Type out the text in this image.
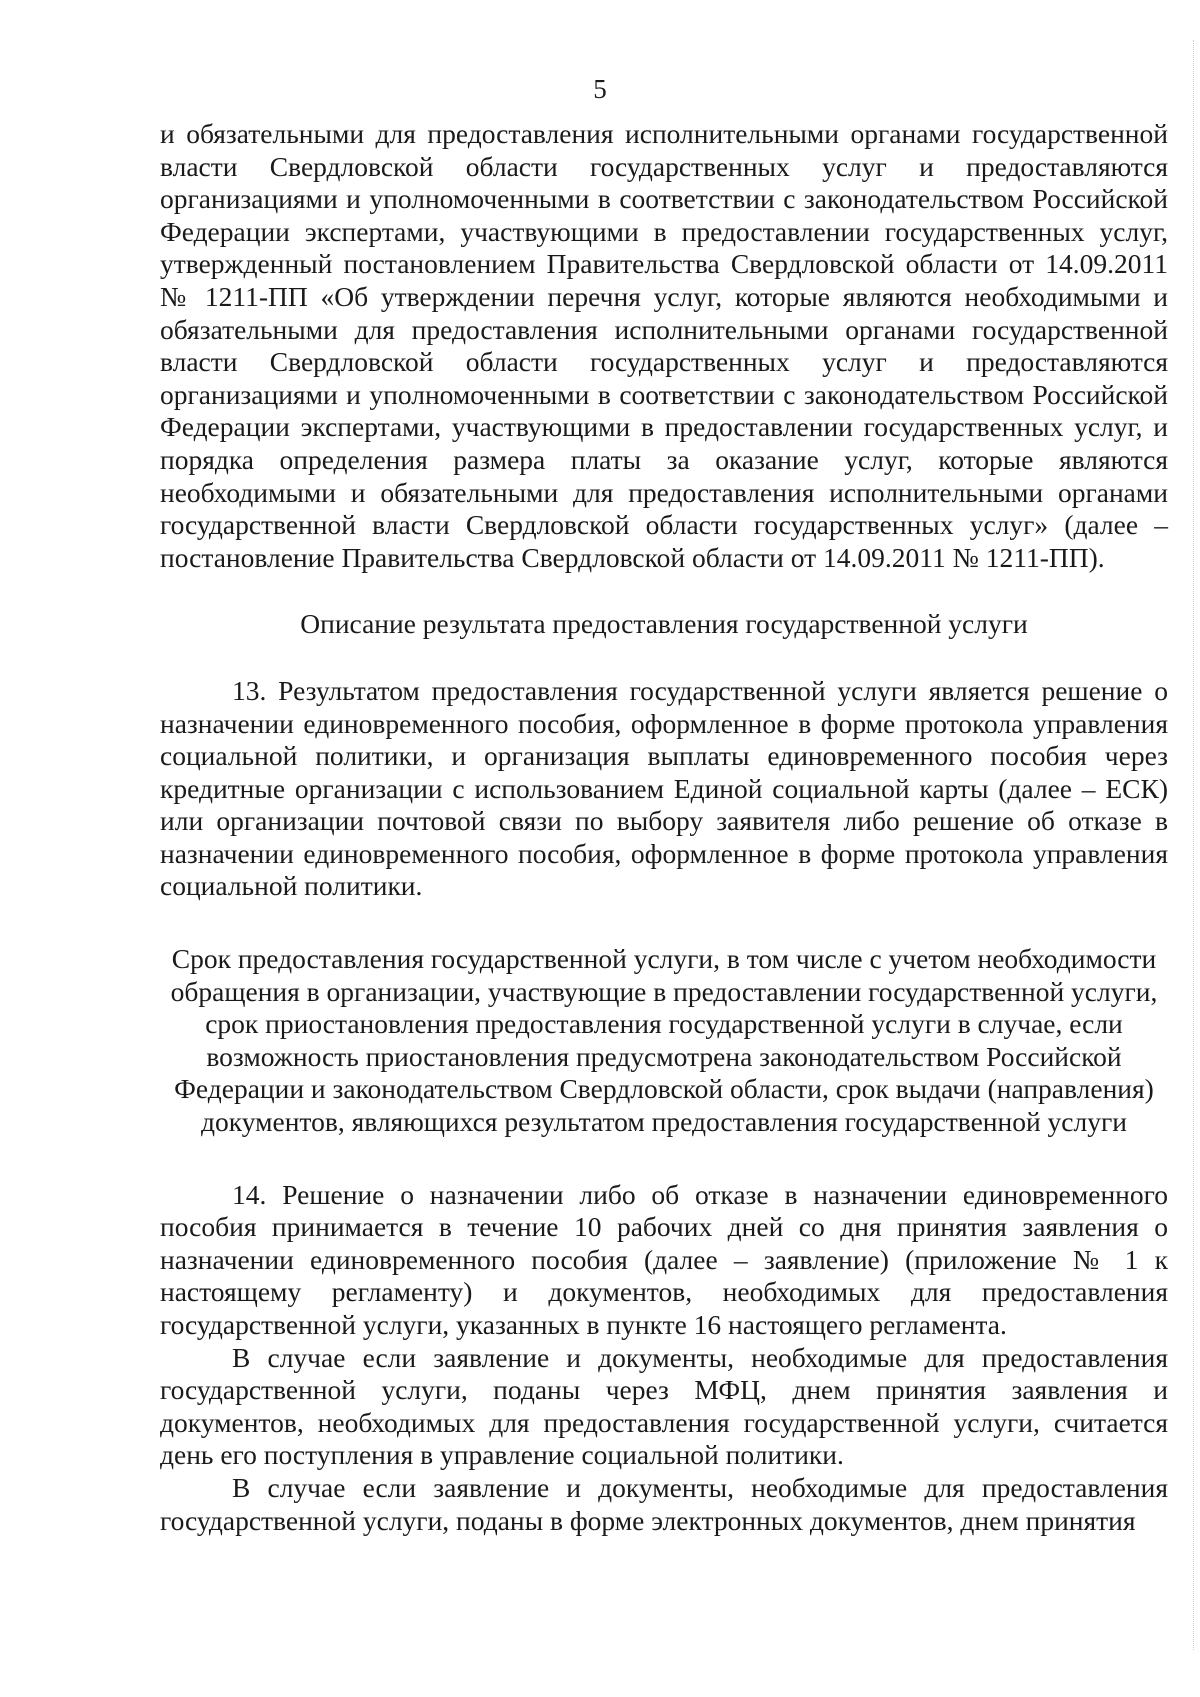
5

и обязательными для предоставления исполнительными органами государственной власти Свердловской области государственных услуг и предоставляются организациями и уполномоченными в соответствии с законодательством Российской Федерации экспертами, участвующими в предоставлении государственных услуг, утвержденный постановлением Правительства Свердловской области от 14.09.2011 № 1211-ПП «Об утверждении перечня услуг, которые являются необходимыми и обязательными для предоставления исполнительными органами государственной власти Свердловской области государственных услуг и предоставляются организациями и уполномоченными в соответствии с законодательством Российской Федерации экспертами, участвующими в предоставлении государственных услуг, и порядка определения размера платы за оказание услуг, которые являются необходимыми и обязательными для предоставления исполнительными органами государственной власти Свердловской области государственных услуг» (далее – постановление Правительства Свердловской области от 14.09.2011 № 1211-ПП).

Описание результата предоставления государственной услуги

13. Результатом предоставления государственной услуги является решение о назначении единовременного пособия, оформленное в форме протокола управления социальной политики, и организация выплаты единовременного пособия через кредитные организации с использованием Единой социальной карты (далее – ЕСК) или организации почтовой связи по выбору заявителя либо решение об отказе в назначении единовременного пособия, оформленное в форме протокола управления социальной политики.

Срок предоставления государственной услуги, в том числе с учетом необходимости обращения в организации, участвующие в предоставлении государственной услуги, срок приостановления предоставления государственной услуги в случае, если возможность приостановления предусмотрена законодательством Российской Федерации и законодательством Свердловской области, срок выдачи (направления) документов, являющихся результатом предоставления государственной услуги

14. Решение о назначении либо об отказе в назначении единовременного пособия принимается в течение 10 рабочих дней со дня принятия заявления о назначении единовременного пособия (далее – заявление) (приложение № 1 к настоящему регламенту) и документов, необходимых для предоставления государственной услуги, указанных в пункте 16 настоящего регламента.

В случае если заявление и документы, необходимые для предоставления государственной услуги, поданы через МФЦ, днем принятия заявления и документов, необходимых для предоставления государственной услуги, считается день его поступления в управление социальной политики.

В случае если заявление и документы, необходимые для предоставления государственной услуги, поданы в форме электронных документов, днем принятия
